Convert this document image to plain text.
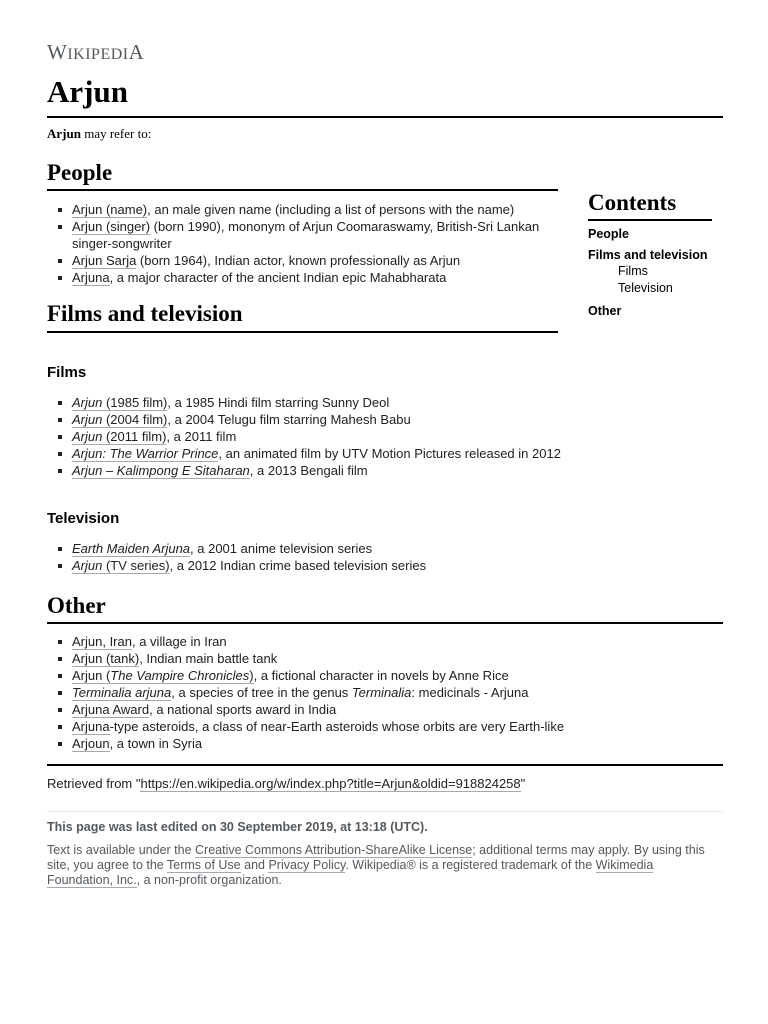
WIKIPEDIA
Arjun
Arjun may refer to:
People
Arjun (name), an male given name (including a list of persons with the name)
Arjun (singer) (born 1990), mononym of Arjun Coomaraswamy, British-Sri Lankan singer-songwriter
Arjun Sarja (born 1964), Indian actor, known professionally as Arjun
Arjuna, a major character of the ancient Indian epic Mahabharata
Films and television
Films
Arjun (1985 film), a 1985 Hindi film starring Sunny Deol
Arjun (2004 film), a 2004 Telugu film starring Mahesh Babu
Arjun (2011 film), a 2011 film
Arjun: The Warrior Prince, an animated film by UTV Motion Pictures released in 2012
Arjun – Kalimpong E Sitaharan, a 2013 Bengali film
Television
Earth Maiden Arjuna, a 2001 anime television series
Arjun (TV series), a 2012 Indian crime based television series
Other
Arjun, Iran, a village in Iran
Arjun (tank), Indian main battle tank
Arjun (The Vampire Chronicles), a fictional character in novels by Anne Rice
Terminalia arjuna, a species of tree in the genus Terminalia: medicinals - Arjuna
Arjuna Award, a national sports award in India
Arjuna-type asteroids, a class of near-Earth asteroids whose orbits are very Earth-like
Arjoun, a town in Syria
Contents
People
Films and television
Films
Television
Other
Retrieved from "https://en.wikipedia.org/w/index.php?title=Arjun&oldid=918824258"
This page was last edited on 30 September 2019, at 13:18 (UTC).
Text is available under the Creative Commons Attribution-ShareAlike License; additional terms may apply. By using this site, you agree to the Terms of Use and Privacy Policy. Wikipedia® is a registered trademark of the Wikimedia Foundation, Inc., a non-profit organization.
